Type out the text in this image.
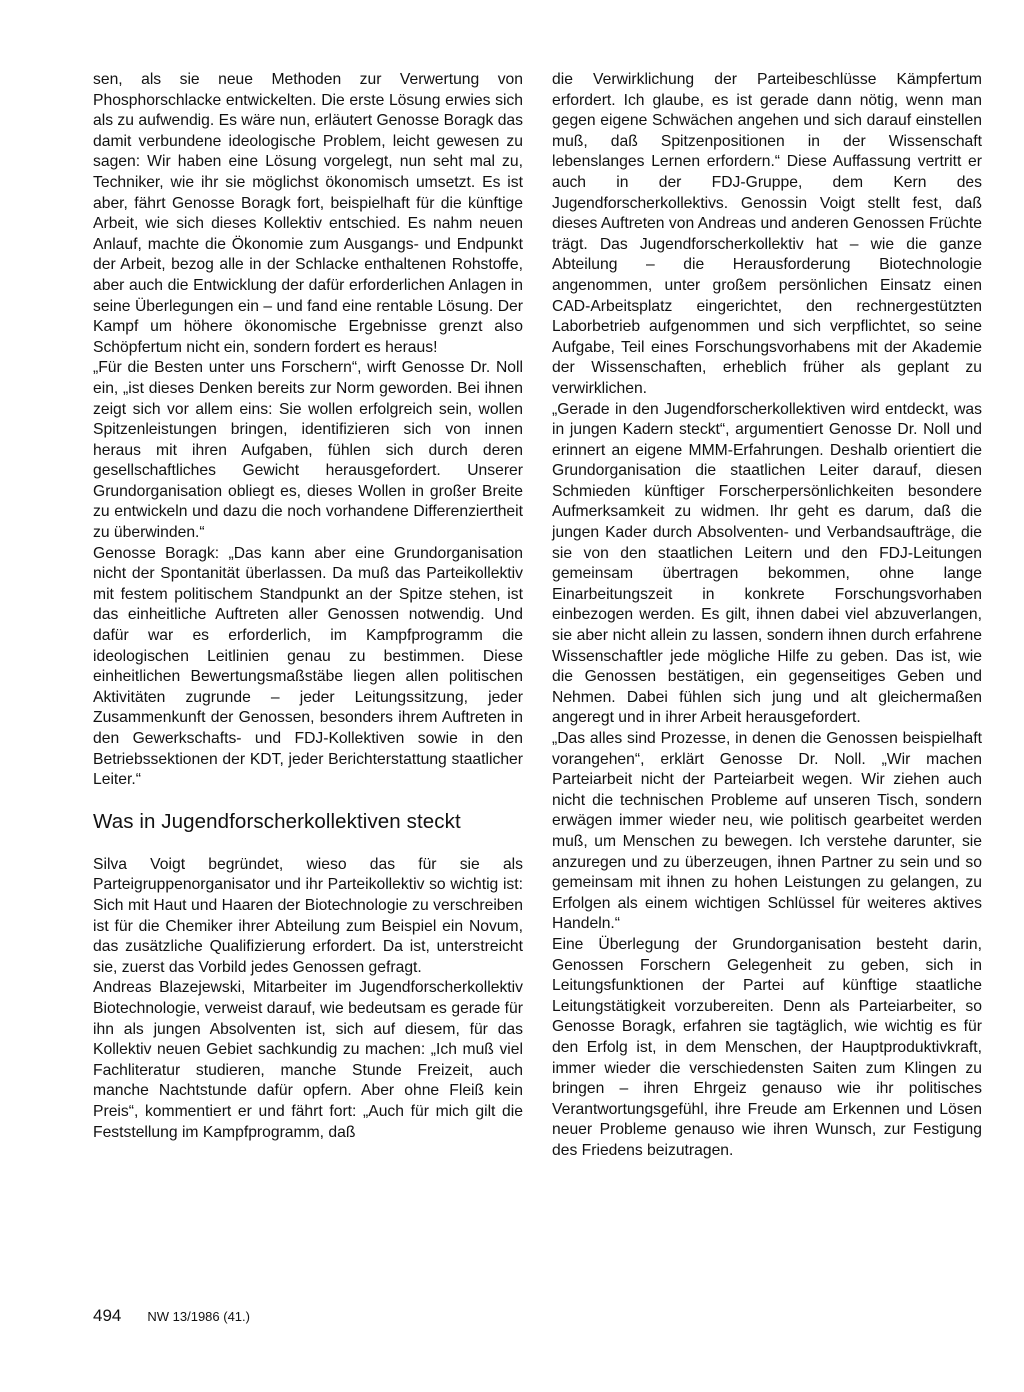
sen, als sie neue Methoden zur Verwertung von Phosphorschlacke entwickelten. Die erste Lösung erwies sich als zu aufwendig. Es wäre nun, erläutert Genosse Boragk das damit verbundene ideologische Problem, leicht gewesen zu sagen: Wir haben eine Lösung vorgelegt, nun seht mal zu, Techniker, wie ihr sie möglichst ökonomisch umsetzt. Es ist aber, fährt Genosse Boragk fort, beispielhaft für die künftige Arbeit, wie sich dieses Kollektiv entschied. Es nahm neuen Anlauf, machte die Ökonomie zum Ausgangs- und Endpunkt der Arbeit, bezog alle in der Schlacke enthaltenen Rohstoffe, aber auch die Entwicklung der dafür erforderlichen Anlagen in seine Überlegungen ein – und fand eine rentable Lösung. Der Kampf um höhere ökonomische Ergebnisse grenzt also Schöpfertum nicht ein, sondern fordert es heraus!

„Für die Besten unter uns Forschern“, wirft Genosse Dr. Noll ein, „ist dieses Denken bereits zur Norm geworden. Bei ihnen zeigt sich vor allem eins: Sie wollen erfolgreich sein, wollen Spitzenleistungen bringen, identifizieren sich von innen heraus mit ihren Aufgaben, fühlen sich durch deren gesellschaftliches Gewicht herausgefordert. Unserer Grundorganisation obliegt es, dieses Wollen in großer Breite zu entwickeln und dazu die noch vorhandene Differenziertheit zu überwinden.“

Genosse Boragk: „Das kann aber eine Grundorganisation nicht der Spontanität überlassen. Da muß das Parteikollektiv mit festem politischem Standpunkt an der Spitze stehen, ist das einheitliche Auftreten aller Genossen notwendig. Und dafür war es erforderlich, im Kampfprogramm die ideologischen Leitlinien genau zu bestimmen. Diese einheitlichen Bewertungsmaßstäbe liegen allen politischen Aktivitäten zugrunde – jeder Leitungssitzung, jeder Zusammenkunft der Genossen, besonders ihrem Auftreten in den Gewerkschafts- und FDJ-Kollektiven sowie in den Betriebssektionen der KDT, jeder Berichterstattung staatlicher Leiter.“

Was in Jugendforscherkollektiven steckt

Silva Voigt begründet, wieso das für sie als Parteigruppenorganisator und ihr Parteikollektiv so wichtig ist: Sich mit Haut und Haaren der Biotechnologie zu verschreiben ist für die Chemiker ihrer Abteilung zum Beispiel ein Novum, das zusätzliche Qualifizierung erfordert. Da ist, unterstreicht sie, zuerst das Vorbild jedes Genossen gefragt.

Andreas Blazejewski, Mitarbeiter im Jugendforscherkollektiv Biotechnologie, verweist darauf, wie bedeutsam es gerade für ihn als jungen Absolventen ist, sich auf diesem, für das Kollektiv neuen Gebiet sachkundig zu machen: „Ich muß viel Fachliteratur studieren, manche Stunde Freizeit, auch manche Nachtstunde dafür opfern. Aber ohne Fleiß kein Preis“, kommentiert er und fährt fort: „Auch für mich gilt die Feststellung im Kampfprogramm, daß

die Verwirklichung der Parteibeschlüsse Kämpfertum erfordert. Ich glaube, es ist gerade dann nötig, wenn man gegen eigene Schwächen angehen und sich darauf einstellen muß, daß Spitzenpositionen in der Wissenschaft lebenslanges Lernen erfordern.“ Diese Auffassung vertritt er auch in der FDJ-Gruppe, dem Kern des Jugendforscherkollektivs. Genossin Voigt stellt fest, daß dieses Auftreten von Andreas und anderen Genossen Früchte trägt. Das Jugendforscherkollektiv hat – wie die ganze Abteilung – die Herausforderung Biotechnologie angenommen, unter großem persönlichen Einsatz einen CAD-Arbeitsplatz eingerichtet, den rechnergestützten Laborbetrieb aufgenommen und sich verpflichtet, so seine Aufgabe, Teil eines Forschungsvorhabens mit der Akademie der Wissenschaften, erheblich früher als geplant zu verwirklichen.

„Gerade in den Jugendforscherkollektiven wird entdeckt, was in jungen Kadern steckt“, argumentiert Genosse Dr. Noll und erinnert an eigene MMM-Erfahrungen. Deshalb orientiert die Grundorganisation die staatlichen Leiter darauf, diesen Schmieden künftiger Forscherpersönlichkeiten besondere Aufmerksamkeit zu widmen. Ihr geht es darum, daß die jungen Kader durch Absolventen- und Verbandsaufträge, die sie von den staatlichen Leitern und den FDJ-Leitungen gemeinsam übertragen bekommen, ohne lange Einarbeitungszeit in konkrete Forschungsvorhaben einbezogen werden. Es gilt, ihnen dabei viel abzuverlangen, sie aber nicht allein zu lassen, sondern ihnen durch erfahrene Wissenschaftler jede mögliche Hilfe zu geben. Das ist, wie die Genossen bestätigen, ein gegenseitiges Geben und Nehmen. Dabei fühlen sich jung und alt gleichermaßen angeregt und in ihrer Arbeit herausgefordert.

„Das alles sind Prozesse, in denen die Genossen beispielhaft vorangehen“, erklärt Genosse Dr. Noll. „Wir machen Parteiarbeit nicht der Parteiarbeit wegen. Wir ziehen auch nicht die technischen Probleme auf unseren Tisch, sondern erwägen immer wieder neu, wie politisch gearbeitet werden muß, um Menschen zu bewegen. Ich verstehe darunter, sie anzuregen und zu überzeugen, ihnen Partner zu sein und so gemeinsam mit ihnen zu hohen Leistungen zu gelangen, zu Erfolgen als einem wichtigen Schlüssel für weiteres aktives Handeln.“

Eine Überlegung der Grundorganisation besteht darin, Genossen Forschern Gelegenheit zu geben, sich in Leitungsfunktionen der Partei auf künftige staatliche Leitungstätigkeit vorzubereiten. Denn als Parteiarbeiter, so Genosse Boragk, erfahren sie tagtäglich, wie wichtig es für den Erfolg ist, in dem Menschen, der Hauptproduktivkraft, immer wieder die verschiedensten Saiten zum Klingen zu bringen – ihren Ehrgeiz genauso wie ihr politisches Verantwortungsgefühl, ihre Freude am Erkennen und Lösen neuer Probleme genauso wie ihren Wunsch, zur Festigung des Friedens beizutragen.

494 NW 13/1986 (41.)
